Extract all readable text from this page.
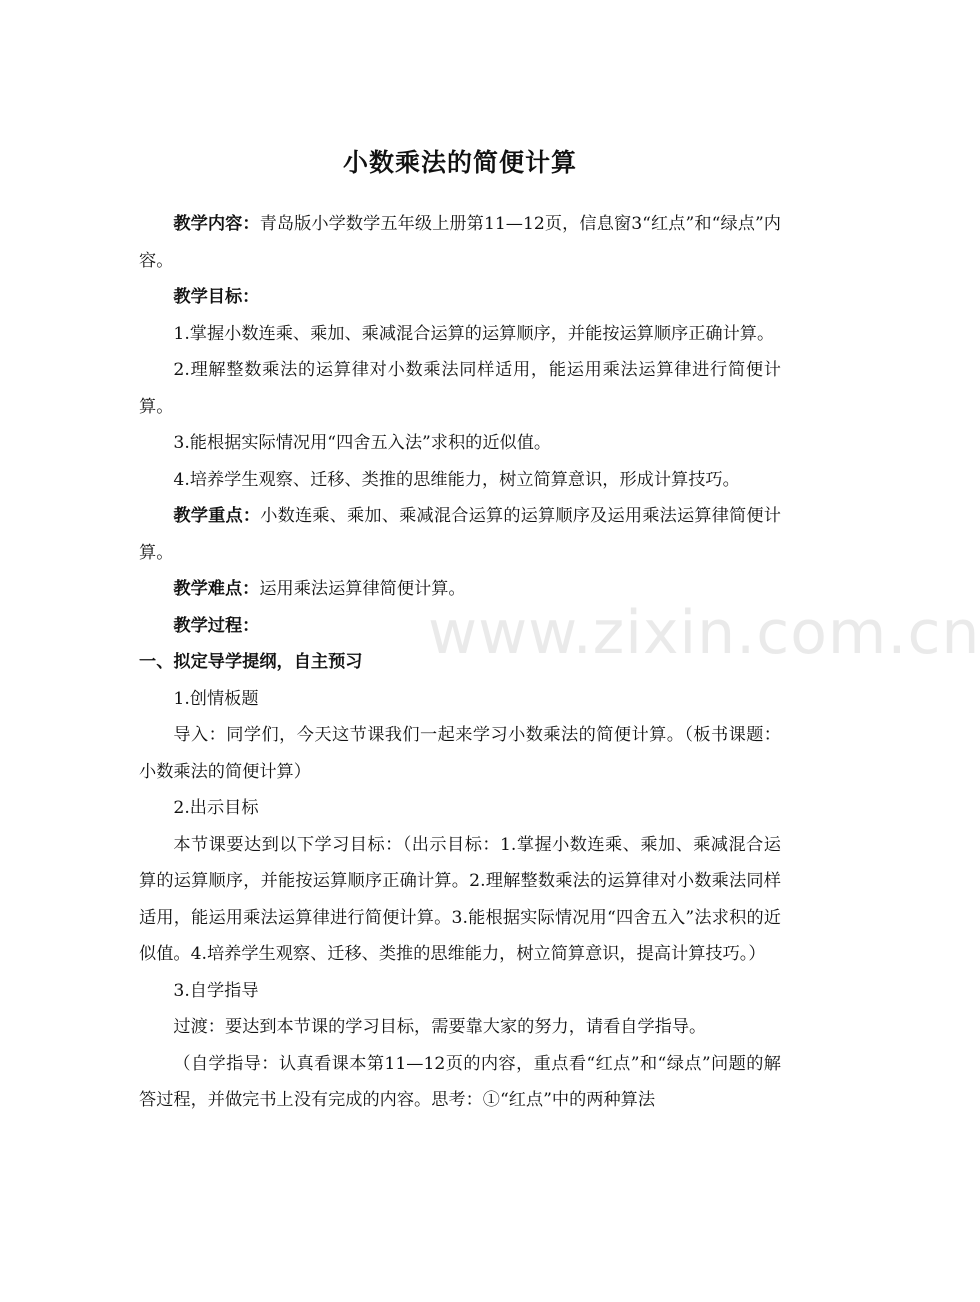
小数乘法的简便计算

教学内容：青岛版小学数学五年级上册第11—12页，信息窗3“红点”和“绿点”内容。

教学目标：

1.掌握小数连乘、乘加、乘减混合运算的运算顺序，并能按运算顺序正确计算。

2.理解整数乘法的运算律对小数乘法同样适用，能运用乘法运算律进行简便计算。

3.能根据实际情况用“四舍五入法”求积的近似值。

4.培养学生观察、迁移、类推的思维能力，树立简算意识，形成计算技巧。

教学重点：小数连乘、乘加、乘减混合运算的运算顺序及运用乘法运算律简便计算。

教学难点：运用乘法运算律简便计算。

教学过程：

一、拟定导学提纲，自主预习

1.创情板题

导入：同学们，今天这节课我们一起来学习小数乘法的简便计算。（板书课题：小数乘法的简便计算）

2.出示目标

本节课要达到以下学习目标：（出示目标：1.掌握小数连乘、乘加、乘减混合运算的运算顺序，并能按运算顺序正确计算。2.理解整数乘法的运算律对小数乘法同样适用，能运用乘法运算律进行简便计算。3.能根据实际情况用“四舍五入”法求积的近似值。4.培养学生观察、迁移、类推的思维能力，树立简算意识，提高计算技巧。）

3.自学指导

过渡：要达到本节课的学习目标，需要靠大家的努力，请看自学指导。

（自学指导：认真看课本第11—12页的内容，重点看“红点”和“绿点”问题的解答过程，并做完书上没有完成的内容。思考：①“红点”中的两种算法

www.zixin.com.cn
